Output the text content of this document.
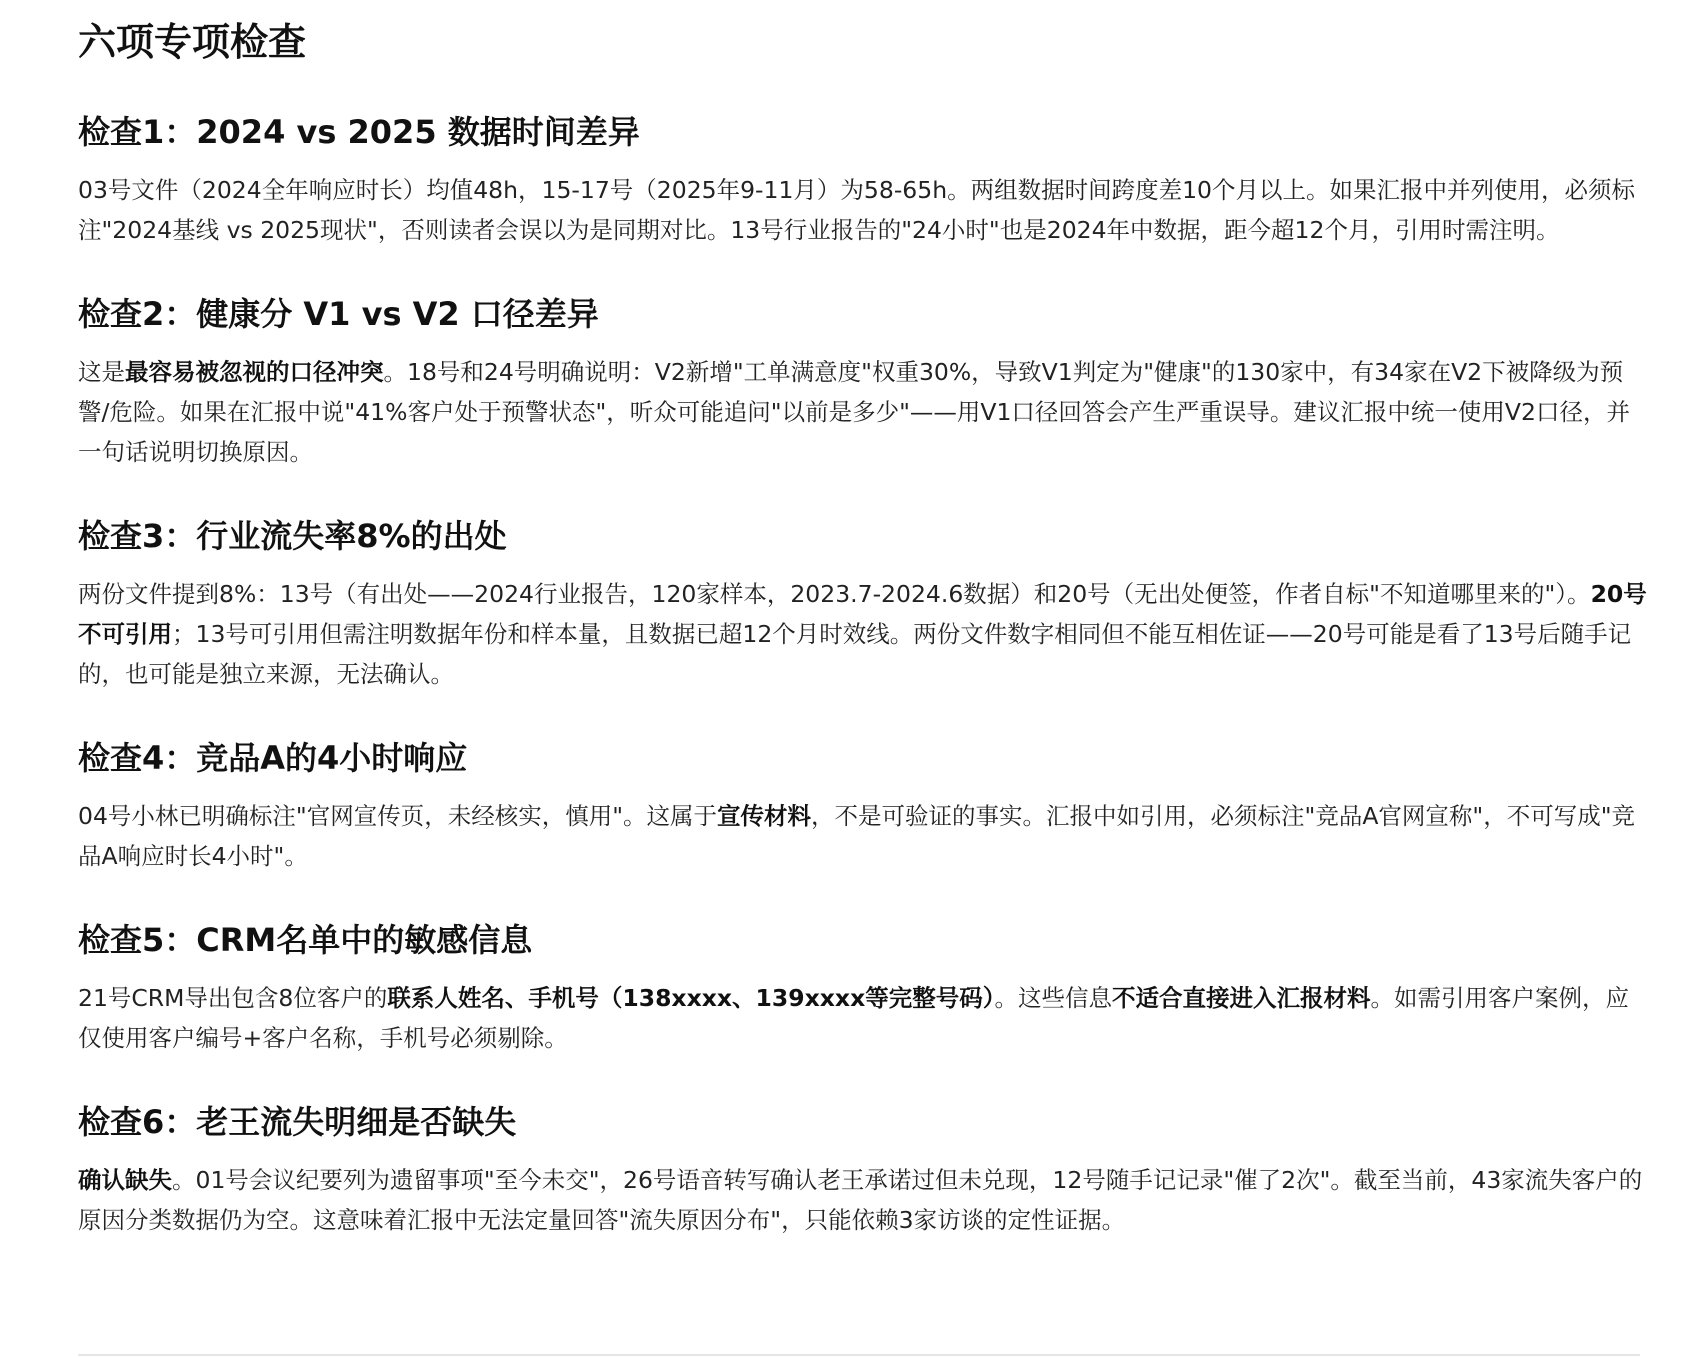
六项专项检查
检查1：2024 vs 2025 数据时间差异

03号文件（2024全年响应时长）均值48h，15-17号（2025年9-11月）为58-65h。两组数据时间跨度差10个月以上。如果汇报中并列使用，必须标注"2024基线 vs 2025现状"，否则读者会误以为是同期对比。13号行业报告的"24小时"也是2024年中数据，距今超12个月，引用时需注明。

检查2：健康分 V1 vs V2 口径差异

这是最容易被忽视的口径冲突。18号和24号明确说明：V2新增"工单满意度"权重30%，导致V1判定为"健康"的130家中，有34家在V2下被降级为预警/危险。如果在汇报中说"41%客户处于预警状态"，听众可能追问"以前是多少"——用V1口径回答会产生严重误导。建议汇报中统一使用V2口径，并一句话说明切换原因。

检查3：行业流失率8%的出处

两份文件提到8%：13号（有出处——2024行业报告，120家样本，2023.7-2024.6数据）和20号（无出处便签，作者自标"不知道哪里来的"）。20号不可引用；13号可引用但需注明数据年份和样本量，且数据已超12个月时效线。两份文件数字相同但不能互相佐证——20号可能是看了13号后随手记的，也可能是独立来源，无法确认。

检查4：竞品A的4小时响应

04号小林已明确标注"官网宣传页，未经核实，慎用"。这属于宣传材料，不是可验证的事实。汇报中如引用，必须标注"竞品A官网宣称"，不可写成"竞品A响应时长4小时"。

检查5：CRM名单中的敏感信息

21号CRM导出包含8位客户的联系人姓名、手机号（138xxxx、139xxxx等完整号码）。这些信息不适合直接进入汇报材料。如需引用客户案例，应仅使用客户编号+客户名称，手机号必须剔除。

检查6：老王流失明细是否缺失

确认缺失。01号会议纪要列为遗留事项"至今未交"，26号语音转写确认老王承诺过但未兑现，12号随手记记录"催了2次"。截至当前，43家流失客户的原因分类数据仍为空。这意味着汇报中无法定量回答"流失原因分布"，只能依赖3家访谈的定性证据。
